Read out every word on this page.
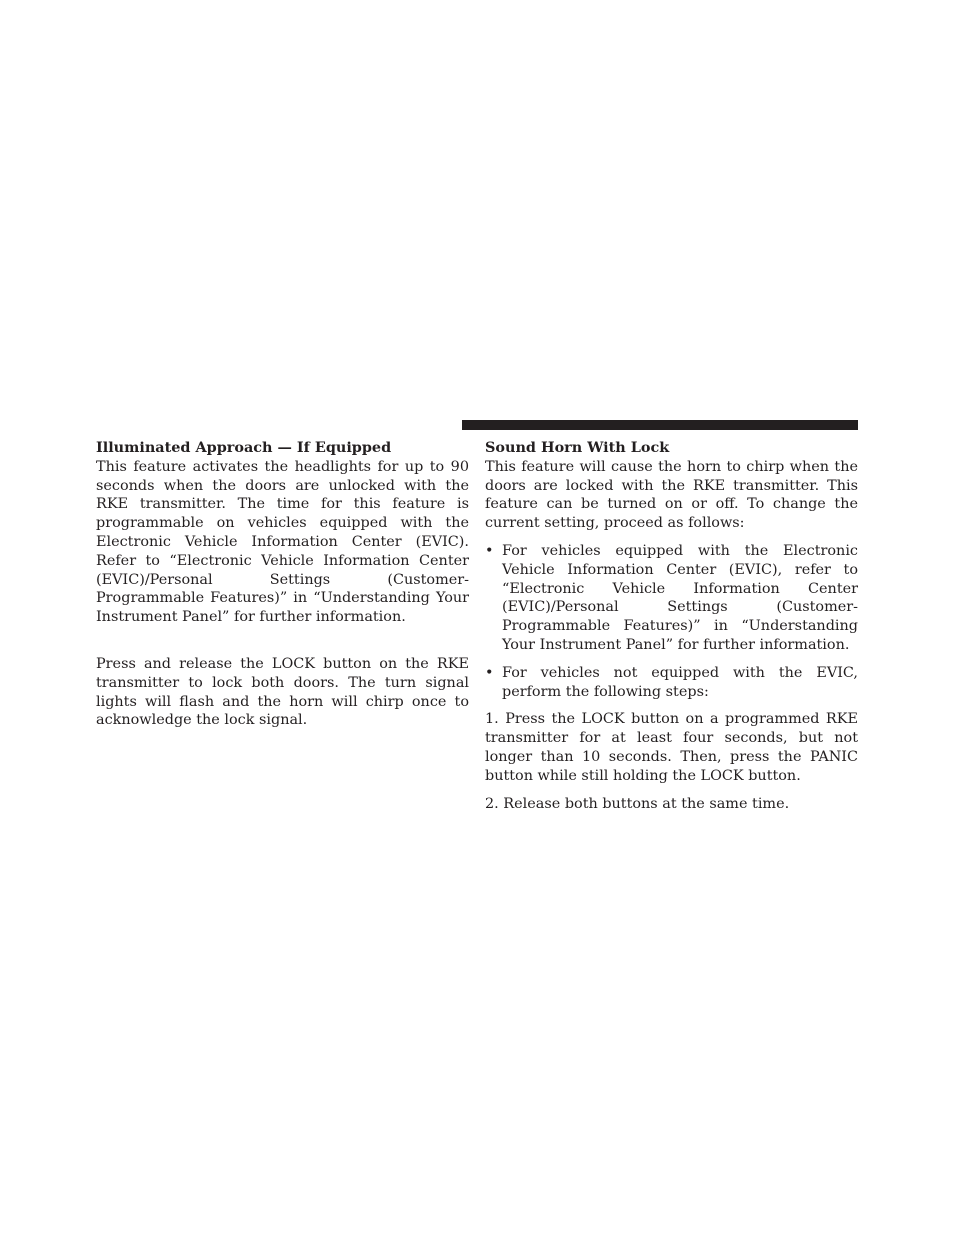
Illuminated Approach — If Equipped

This feature activates the headlights for up to 90 seconds when the doors are unlocked with the RKE transmitter. The time for this feature is programmable on vehicles equipped with the Electronic Vehicle Information Center (EVIC). Refer to “Electronic Vehicle Information Center (EVIC)/Personal Settings (Customer-Programmable Features)” in “Understanding Your Instrument Panel” for further information.

Press and release the LOCK button on the RKE transmitter to lock both doors. The turn signal lights will flash and the horn will chirp once to acknowledge the lock signal.

Sound Horn With Lock

This feature will cause the horn to chirp when the doors are locked with the RKE transmitter. This feature can be turned on or off. To change the current setting, proceed as follows:

• For vehicles equipped with the Electronic Vehicle Information Center (EVIC), refer to “Electronic Vehicle Information Center (EVIC)/Personal Settings (Customer-Programmable Features)” in “Understanding Your Instrument Panel” for further information.
• For vehicles not equipped with the EVIC, perform the following steps:

1. Press the LOCK button on a programmed RKE transmitter for at least four seconds, but not longer than 10 seconds. Then, press the PANIC button while still holding the LOCK button.

2. Release both buttons at the same time.
